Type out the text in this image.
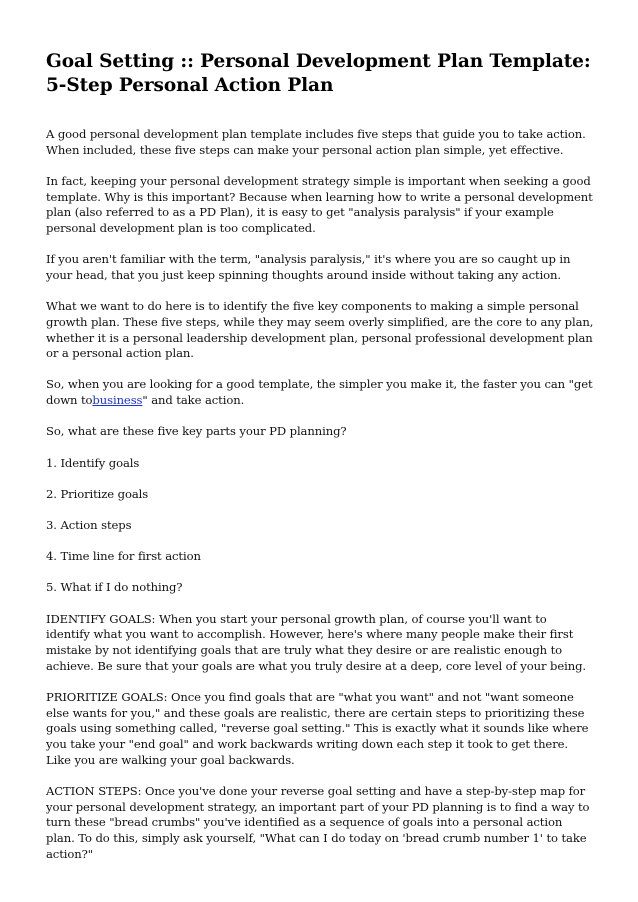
Goal Setting :: Personal Development Plan Template: 5-Step Personal Action Plan

A good personal development plan template includes five steps that guide you to take action. When included, these five steps can make your personal action plan simple, yet effective.

In fact, keeping your personal development strategy simple is important when seeking a good template. Why is this important? Because when learning how to write a personal development plan (also referred to as a PD Plan), it is easy to get "analysis paralysis" if your example personal development plan is too complicated.

If you aren't familiar with the term, "analysis paralysis," it's where you are so caught up in your head, that you just keep spinning thoughts around inside without taking any action.

What we want to do here is to identify the five key components to making a simple personal growth plan. These five steps, while they may seem overly simplified, are the core to any plan, whether it is a personal leadership development plan, personal professional development plan or a personal action plan.

So, when you are looking for a good template, the simpler you make it, the faster you can "get down tobusiness" and take action.

So, what are these five key parts your PD planning?

1. Identify goals

2. Prioritize goals

3. Action steps

4. Time line for first action

5. What if I do nothing?

IDENTIFY GOALS: When you start your personal growth plan, of course you'll want to identify what you want to accomplish. However, here's where many people make their first mistake by not identifying goals that are truly what they desire or are realistic enough to achieve. Be sure that your goals are what you truly desire at a deep, core level of your being.

PRIORITIZE GOALS: Once you find goals that are "what you want" and not "want someone else wants for you," and these goals are realistic, there are certain steps to prioritizing these goals using something called, "reverse goal setting." This is exactly what it sounds like where you take your "end goal" and work backwards writing down each step it took to get there. Like you are walking your goal backwards.

ACTION STEPS: Once you've done your reverse goal setting and have a step-by-step map for your personal development strategy, an important part of your PD planning is to find a way to turn these "bread crumbs" you've identified as a sequence of goals into a personal action plan. To do this, simply ask yourself, "What can I do today on 'bread crumb number 1' to take action?"
